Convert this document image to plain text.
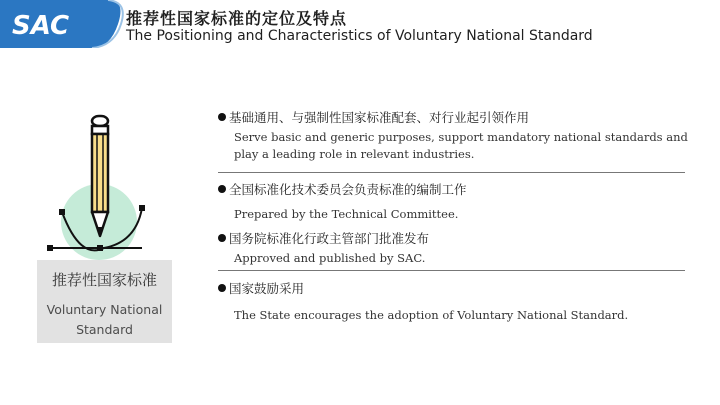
SAC	推荐性国家标准的定位及特点
The Positioning and Characteristics of Voluntary National Standard
推荐性国家标准
Voluntary National Standard
基础通用、与强制性国家标准配套、对行业起引领作用
Serve basic and generic purposes, support mandatory national standards and play a leading role in relevant industries.
全国标准化技术委员会负责标准的编制工作
Prepared by the Technical Committee.
国务院标准化行政主管部门批准发布
Approved and published by SAC.
国家鼓励采用
The State encourages the adoption of Voluntary National Standard.
